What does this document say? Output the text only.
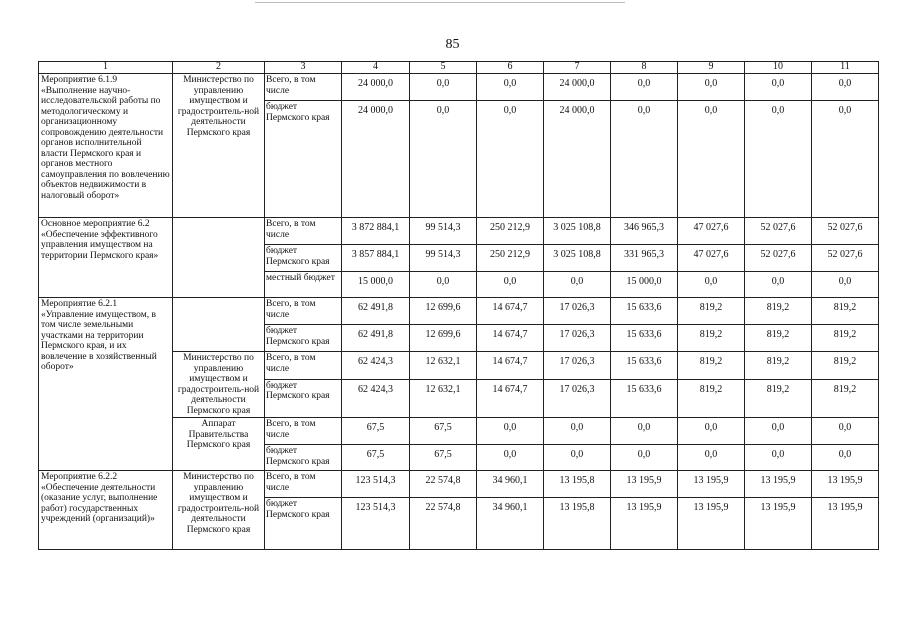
85
1	2	3	4	5	6	7	8	9	10	11
Мероприятие 6.1.9 «Выполнение научно-исследовательской работы по методологическому и организационному сопровождению деятельности органов исполнительной власти Пермского края и органов местного самоуправления по вовлечению объектов недвижимости в налоговый оборот»	Министерство по управлению имуществом и градостроитель-ной деятельности Пермского края	Всего, в том числе	24 000,0	0,0	0,0	24 000,0	0,0	0,0	0,0	0,0
		бюджет Пермского края	24 000,0	0,0	0,0	24 000,0	0,0	0,0	0,0	0,0
Основное мероприятие 6.2 «Обеспечение эффективного управления имуществом на территории Пермского края»		Всего, в том числе	3 872 884,1	99 514,3	250 212,9	3 025 108,8	346 965,3	47 027,6	52 027,6	52 027,6
		бюджет Пермского края	3 857 884,1	99 514,3	250 212,9	3 025 108,8	331 965,3	47 027,6	52 027,6	52 027,6
		местный бюджет	15 000,0	0,0	0,0	0,0	15 000,0	0,0	0,0	0,0
Мероприятие 6.2.1 «Управление имуществом, в том числе земельными участками на территории Пермского края, и их вовлечение в хозяйственный оборот»		Всего, в том числе	62 491,8	12 699,6	14 674,7	17 026,3	15 633,6	819,2	819,2	819,2
		бюджет Пермского края	62 491,8	12 699,6	14 674,7	17 026,3	15 633,6	819,2	819,2	819,2
	Министерство по управлению имуществом и градостроитель-ной деятельности Пермского края	Всего, в том числе	62 424,3	12 632,1	14 674,7	17 026,3	15 633,6	819,2	819,2	819,2
		бюджет Пермского края	62 424,3	12 632,1	14 674,7	17 026,3	15 633,6	819,2	819,2	819,2
	Аппарат Правительства Пермского края	Всего, в том числе	67,5	67,5	0,0	0,0	0,0	0,0	0,0	0,0
		бюджет Пермского края	67,5	67,5	0,0	0,0	0,0	0,0	0,0	0,0
Мероприятие 6.2.2 «Обеспечение деятельности (оказание услуг, выполнение работ) государственных учреждений (организаций)»	Министерство по управлению имуществом и градостроитель-ной деятельности Пермского края	Всего, в том числе	123 514,3	22 574,8	34 960,1	13 195,8	13 195,9	13 195,9	13 195,9	13 195,9
		бюджет Пермского края	123 514,3	22 574,8	34 960,1	13 195,8	13 195,9	13 195,9	13 195,9	13 195,9
